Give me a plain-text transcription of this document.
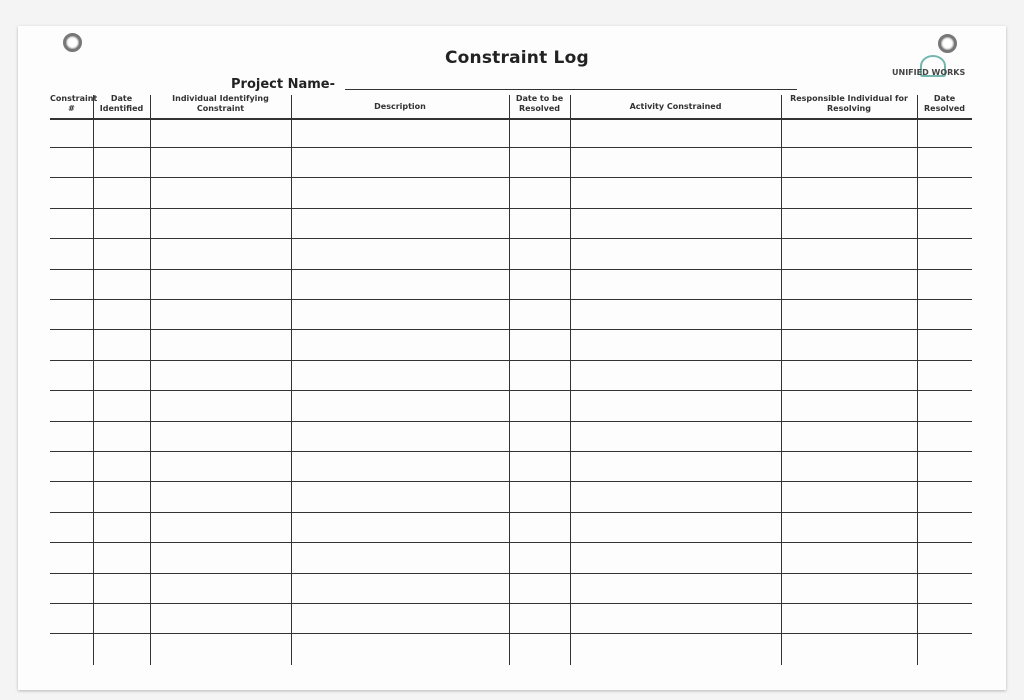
Constraint Log
Project Name-
UNIFIED WORKS
Constraint #
Date Identified
Individual Identifying Constraint	Description
Date to be Resolved	Activity Constrained
Responsible Individual for Resolving
Date Resolved
